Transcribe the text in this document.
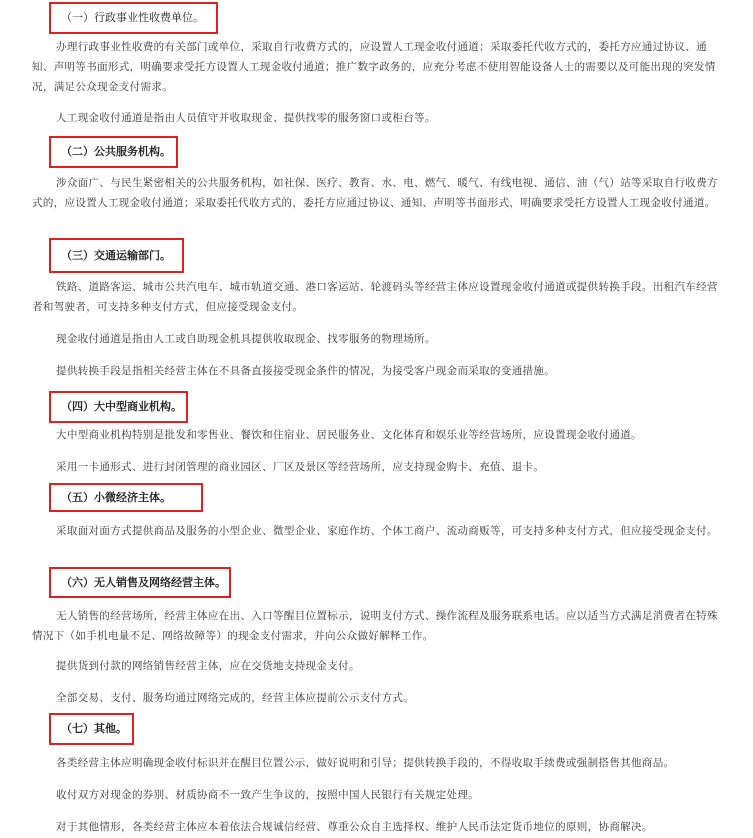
（一）行政事业性收费单位。

办理行政事业性收费的有关部门或单位，采取自行收费方式的，应设置人工现金收付通道；采取委托代收方式的，委托方应通过协议、通知、声明等书面形式，明确要求受托方设置人工现金收付通道；推广数字政务的，应充分考虑不使用智能设备人士的需要以及可能出现的突发情况，满足公众现金支付需求。

人工现金收付通道是指由人员值守并收取现金、提供找零的服务窗口或柜台等。

（二）公共服务机构。

涉众面广、与民生紧密相关的公共服务机构，如社保、医疗、教育、水、电、燃气、暖气、有线电视、通信、油（气）站等采取自行收费方式的，应设置人工现金收付通道；采取委托代收方式的，委托方应通过协议、通知、声明等书面形式，明确要求受托方设置人工现金收付通道。

（三）交通运输部门。

铁路、道路客运、城市公共汽电车、城市轨道交通、港口客运站、轮渡码头等经营主体应设置现金收付通道或提供转换手段。出租汽车经营者和驾驶者，可支持多种支付方式，但应接受现金支付。

现金收付通道是指由人工或自助现金机具提供收取现金、找零服务的物理场所。

提供转换手段是指相关经营主体在不具备直接接受现金条件的情况，为接受客户现金而采取的变通措施。

（四）大中型商业机构。

大中型商业机构特别是批发和零售业、餐饮和住宿业、居民服务业、文化体育和娱乐业等经营场所，应设置现金收付通道。

采用一卡通形式、进行封闭管理的商业园区、厂区及景区等经营场所，应支持现金购卡、充值、退卡。

（五）小微经济主体。

采取面对面方式提供商品及服务的小型企业、微型企业、家庭作坊、个体工商户、流动商贩等，可支持多种支付方式，但应接受现金支付。

（六）无人销售及网络经营主体。

无人销售的经营场所，经营主体应在出、入口等醒目位置标示，说明支付方式、操作流程及服务联系电话。应以适当方式满足消费者在特殊情况下（如手机电量不足、网络故障等）的现金支付需求，并向公众做好解释工作。

提供货到付款的网络销售经营主体，应在交货地支持现金支付。

全部交易、支付、服务均通过网络完成的，经营主体应提前公示支付方式。

（七）其他。

各类经营主体应明确现金收付标识并在醒目位置公示，做好说明和引导；提供转换手段的，不得收取手续费或强制搭售其他商品。

收付双方对现金的券别、材质协商不一致产生争议的，按照中国人民银行有关规定处理。

对于其他情形，各类经营主体应本着依法合规诚信经营、尊重公众自主选择权、维护人民币法定货币地位的原则，协商解决。
